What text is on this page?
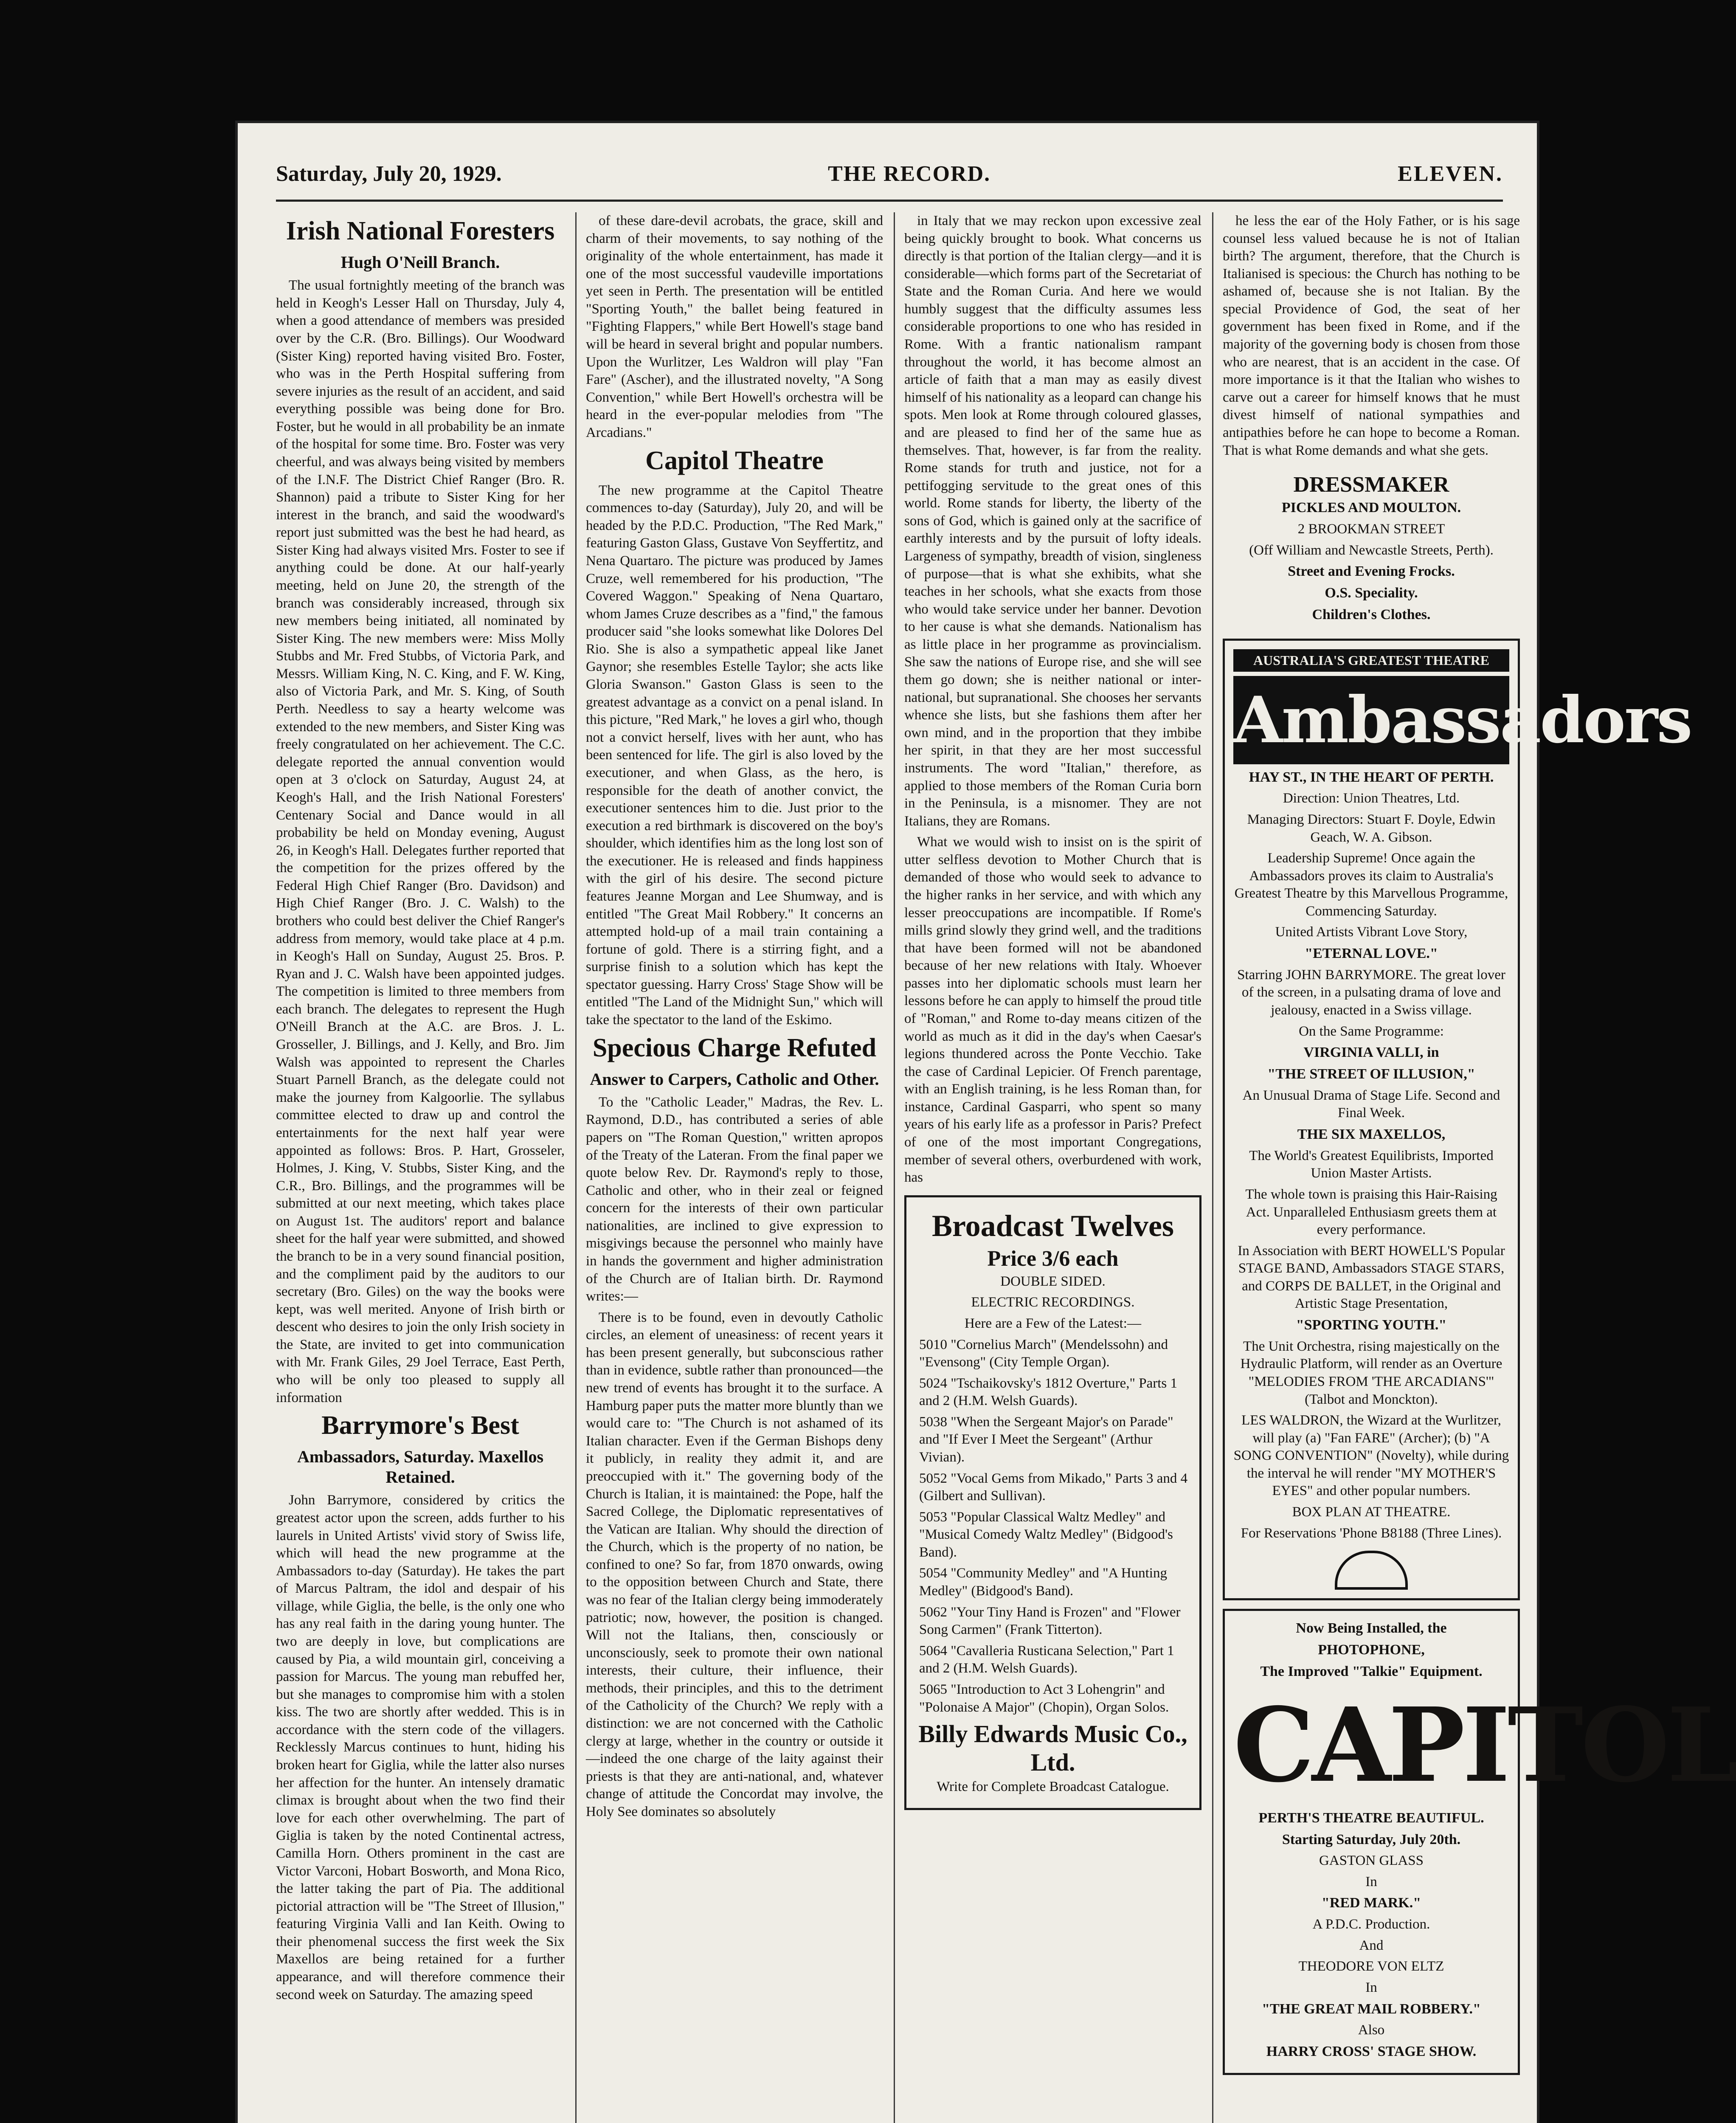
Saturday, July 20, 1929.	THE RECORD.	ELEVEN.
Irish National Foresters
Hugh O'Neill Branch.

The usual fortnightly meeting of the branch was held in Keogh's Lesser Hall on Thursday, July 4, when a good attendance of members was presided over by the C.R. (Bro. Billings). Our Woodward (Sister King) reported having visited Bro. Foster, who was in the Perth Hospital suffering from severe injuries as the result of an accident, and said everything possible was being done for Bro. Foster, but he would in all probability be an inmate of the hospital for some time. Bro. Foster was very cheerful, and was always being visited by members of the I.N.F. The District Chief Ranger (Bro. R. Shannon) paid a tribute to Sister King for her interest in the branch, and said the woodward's report just submitted was the best he had heard, as Sister King had always visited Mrs. Foster to see if anything could be done. At our half-yearly meeting, held on June 20, the strength of the branch was considerably increased, through six new members being initiated, all nominated by Sister King. The new members were: Miss Molly Stubbs and Mr. Fred Stubbs, of Victoria Park, and Messrs. William King, N. C. King, and F. W. King, also of Victoria Park, and Mr. S. King, of South Perth. Needless to say a hearty welcome was extended to the new members, and Sister King was freely congratulated on her achievement. The C.C. delegate reported the annual convention would open at 3 o'clock on Saturday, August 24, at Keogh's Hall, and the Irish National Foresters' Centenary Social and Dance would in all probability be held on Monday evening, August 26, in Keogh's Hall. Delegates further reported that the competition for the prizes offered by the Federal High Chief Ranger (Bro. Davidson) and High Chief Ranger (Bro. J. C. Walsh) to the brothers who could best deliver the Chief Ranger's address from memory, would take place at 4 p.m. in Keogh's Hall on Sunday, August 25. Bros. P. Ryan and J. C. Walsh have been appointed judges. The competition is limited to three members from each branch. The delegates to represent the Hugh O'Neill Branch at the A.C. are Bros. J. L. Grosseller, J. Billings, and J. Kelly, and Bro. Jim Walsh was appointed to represent the Charles Stuart Parnell Branch, as the delegate could not make the journey from Kalgoorlie. The syllabus committee elected to draw up and control the entertainments for the next half year were appointed as follows: Bros. P. Hart, Grosseler, Holmes, J. King, V. Stubbs, Sister King, and the C.R., Bro. Billings, and the programmes will be submitted at our next meeting, which takes place on August 1st. The auditors' report and balance sheet for the half year were submitted, and showed the branch to be in a very sound financial position, and the compliment paid by the auditors to our secretary (Bro. Giles) on the way the books were kept, was well merited. Anyone of Irish birth or descent who desires to join the only Irish society in the State, are invited to get into communication with Mr. Frank Giles, 29 Joel Terrace, East Perth, who will be only too pleased to supply all information

Barrymore's Best
Ambassadors, Saturday. Maxellos Retained.

John Barrymore, considered by critics the greatest actor upon the screen, adds further to his laurels in United Artists' vivid story of Swiss life, which will head the new programme at the Ambassadors to-day (Saturday). He takes the part of Marcus Paltram, the idol and despair of his village, while Giglia, the belle, is the only one who has any real faith in the daring young hunter. The two are deeply in love, but complications are caused by Pia, a wild mountain girl, conceiving a passion for Marcus. The young man rebuffed her, but she manages to compromise him with a stolen kiss. The two are shortly after wedded. This is in accordance with the stern code of the villagers. Recklessly Marcus continues to hunt, hiding his broken heart for Giglia, while the latter also nurses her affection for the hunter. An intensely dramatic climax is brought about when the two find their love for each other overwhelming. The part of Giglia is taken by the noted Continental actress, Camilla Horn. Others prominent in the cast are Victor Varconi, Hobart Bosworth, and Mona Rico, the latter taking the part of Pia. The additional pictorial attraction will be "The Street of Illusion," featuring Virginia Valli and Ian Keith. Owing to their phenomenal success the first week the Six Maxellos are being retained for a further appearance, and will therefore commence their second week on Saturday. The amazing speed

of these dare-devil acrobats, the grace, skill and charm of their movements, to say nothing of the originality of the whole entertainment, has made it one of the most successful vaudeville importations yet seen in Perth. The presentation will be entitled "Sporting Youth," the ballet being featured in "Fighting Flappers," while Bert Howell's stage band will be heard in several bright and popular numbers. Upon the Wurlitzer, Les Waldron will play "Fan Fare" (Ascher), and the illustrated novelty, "A Song Convention," while Bert Howell's orchestra will be heard in the ever-popular melodies from "The Arcadians."

Capitol Theatre

The new programme at the Capitol Theatre commences to-day (Saturday), July 20, and will be headed by the P.D.C. Production, "The Red Mark," featuring Gaston Glass, Gustave Von Seyffertitz, and Nena Quartaro. The picture was produced by James Cruze, well remembered for his production, "The Covered Waggon." Speaking of Nena Quartaro, whom James Cruze describes as a "find," the famous producer said "she looks somewhat like Dolores Del Rio. She is also a sympathetic appeal like Janet Gaynor; she resembles Estelle Taylor; she acts like Gloria Swanson." Gaston Glass is seen to the greatest advantage as a convict on a penal island. In this picture, "Red Mark," he loves a girl who, though not a convict herself, lives with her aunt, who has been sentenced for life. The girl is also loved by the executioner, and when Glass, as the hero, is responsible for the death of another convict, the executioner sentences him to die. Just prior to the execution a red birthmark is discovered on the boy's shoulder, which identifies him as the long lost son of the executioner. He is released and finds happiness with the girl of his desire. The second picture features Jeanne Morgan and Lee Shumway, and is entitled "The Great Mail Robbery." It concerns an attempted hold-up of a mail train containing a fortune of gold. There is a stirring fight, and a surprise finish to a solution which has kept the spectator guessing. Harry Cross' Stage Show will be entitled "The Land of the Midnight Sun," which will take the spectator to the land of the Eskimo.

Specious Charge Refuted
Answer to Carpers, Catholic and Other.

To the "Catholic Leader," Madras, the Rev. L. Raymond, D.D., has contributed a series of able papers on "The Roman Question," written apropos of the Treaty of the Lateran. From the final paper we quote below Rev. Dr. Raymond's reply to those, Catholic and other, who in their zeal or feigned concern for the interests of their own particular nationalities, are inclined to give expression to misgivings because the personnel who mainly have in hands the government and higher administration of the Church are of Italian birth. Dr. Raymond writes:—

There is to be found, even in devoutly Catholic circles, an element of uneasiness: of recent years it has been present generally, but subconscious rather than in evidence, subtle rather than pronounced—the new trend of events has brought it to the surface. A Hamburg paper puts the matter more bluntly than we would care to: "The Church is not ashamed of its Italian character. Even if the German Bishops deny it publicly, in reality they admit it, and are preoccupied with it." The governing body of the Church is Italian, it is maintained: the Pope, half the Sacred College, the Diplomatic representatives of the Vatican are Italian. Why should the direction of the Church, which is the property of no nation, be confined to one? So far, from 1870 onwards, owing to the opposition between Church and State, there was no fear of the Italian clergy being immoderately patriotic; now, however, the position is changed. Will not the Italians, then, consciously or unconsciously, seek to promote their own national interests, their culture, their influence, their methods, their principles, and this to the detriment of the Catholicity of the Church? We reply with a distinction: we are not concerned with the Catholic clergy at large, whether in the country or outside it—indeed the one charge of the laity against their priests is that they are anti-national, and, whatever change of attitude the Concordat may involve, the Holy See dominates so absolutely

in Italy that we may reckon upon excessive zeal being quickly brought to book. What concerns us directly is that portion of the Italian clergy—and it is considerable—which forms part of the Secretariat of State and the Roman Curia. And here we would humbly suggest that the difficulty assumes less considerable proportions to one who has resided in Rome. With a frantic nationalism rampant throughout the world, it has become almost an article of faith that a man may as easily divest himself of his nationality as a leopard can change his spots. Men look at Rome through coloured glasses, and are pleased to find her of the same hue as themselves. That, however, is far from the reality. Rome stands for truth and justice, not for a pettifogging servitude to the great ones of this world. Rome stands for liberty, the liberty of the sons of God, which is gained only at the sacrifice of earthly interests and by the pursuit of lofty ideals. Largeness of sympathy, breadth of vision, singleness of purpose—that is what she exhibits, what she teaches in her schools, what she exacts from those who would take service under her banner. Devotion to her cause is what she demands. Nationalism has as little place in her programme as provincialism. She saw the nations of Europe rise, and she will see them go down; she is neither national or inter-national, but supranational. She chooses her servants whence she lists, but she fashions them after her own mind, and in the proportion that they imbibe her spirit, in that they are her most successful instruments. The word "Italian," therefore, as applied to those members of the Roman Curia born in the Peninsula, is a misnomer. They are not Italians, they are Romans.

What we would wish to insist on is the spirit of utter selfless devotion to Mother Church that is demanded of those who would seek to advance to the higher ranks in her service, and with which any lesser preoccupations are incompatible. If Rome's mills grind slowly they grind well, and the traditions that have been formed will not be abandoned because of her new relations with Italy. Whoever passes into her diplomatic schools must learn her lessons before he can apply to himself the proud title of "Roman," and Rome to-day means citizen of the world as much as it did in the day's when Caesar's legions thundered across the Ponte Vecchio. Take the case of Cardinal Lepicier. Of French parentage, with an English training, is he less Roman than, for instance, Cardinal Gasparri, who spent so many years of his early life as a professor in Paris? Prefect of one of the most important Congregations, member of several others, overburdened with work, has

Broadcast Twelves
Price 3/6 each

DOUBLE SIDED.

ELECTRIC RECORDINGS.

Here are a Few of the Latest:—

5010 "Cornelius March" (Mendelssohn) and "Evensong" (City Temple Organ).

5024 "Tschaikovsky's 1812 Overture," Parts 1 and 2 (H.M. Welsh Guards).

5038 "When the Sergeant Major's on Parade" and "If Ever I Meet the Sergeant" (Arthur Vivian).

5052 "Vocal Gems from Mikado," Parts 3 and 4 (Gilbert and Sullivan).

5053 "Popular Classical Waltz Medley" and "Musical Comedy Waltz Medley" (Bidgood's Band).

5054 "Community Medley" and "A Hunting Medley" (Bidgood's Band).

5062 "Your Tiny Hand is Frozen" and "Flower Song Carmen" (Frank Titterton).

5064 "Cavalleria Rusticana Selection," Part 1 and 2 (H.M. Welsh Guards).

5065 "Introduction to Act 3 Lohengrin" and "Polonaise A Major" (Chopin), Organ Solos.

Billy Edwards Music Co., Ltd.

Write for Complete Broadcast Catalogue.

he less the ear of the Holy Father, or is his sage counsel less valued because he is not of Italian birth? The argument, therefore, that the Church is Italianised is specious: the Church has nothing to be ashamed of, because she is not Italian. By the special Providence of God, the seat of her government has been fixed in Rome, and if the majority of the governing body is chosen from those who are nearest, that is an accident in the case. Of more importance is it that the Italian who wishes to carve out a career for himself knows that he must divest himself of national sympathies and antipathies before he can hope to become a Roman. That is what Rome demands and what she gets.

DRESSMAKER

PICKLES AND MOULTON.

2 BROOKMAN STREET

(Off William and Newcastle Streets, Perth).

Street and Evening Frocks.

O.S. Speciality.

Children's Clothes.

AUSTRALIA'S GREATEST THEATRE
Ambassadors

HAY ST., IN THE HEART OF PERTH.

Direction: Union Theatres, Ltd.

Managing Directors: Stuart F. Doyle, Edwin Geach, W. A. Gibson.

Leadership Supreme! Once again the Ambassadors proves its claim to Australia's Greatest Theatre by this Marvellous Programme, Commencing Saturday.

United Artists Vibrant Love Story,

"ETERNAL LOVE."

Starring JOHN BARRYMORE. The great lover of the screen, in a pulsating drama of love and jealousy, enacted in a Swiss village.

On the Same Programme:

VIRGINIA VALLI, in

"THE STREET OF ILLUSION,"

An Unusual Drama of Stage Life. Second and Final Week.

THE SIX MAXELLOS,

The World's Greatest Equilibrists, Imported Union Master Artists.

The whole town is praising this Hair-Raising Act. Unparalleled Enthusiasm greets them at every performance.

In Association with BERT HOWELL'S Popular STAGE BAND, Ambassadors STAGE STARS, and CORPS DE BALLET, in the Original and Artistic Stage Presentation,

"SPORTING YOUTH."

The Unit Orchestra, rising majestically on the Hydraulic Platform, will render as an Overture "MELODIES FROM 'THE ARCADIANS'" (Talbot and Monckton).

LES WALDRON, the Wizard at the Wurlitzer, will play (a) "Fan FARE" (Archer); (b) "A SONG CONVENTION" (Novelty), while during the interval he will render "MY MOTHER'S EYES" and other popular numbers.

BOX PLAN AT THEATRE.

For Reservations 'Phone B8188 (Three Lines).

Now Being Installed, the

PHOTOPHONE,

The Improved "Talkie" Equipment.

CAPITOL

PERTH'S THEATRE BEAUTIFUL.

Starting Saturday, July 20th.

GASTON GLASS

In

"RED MARK."

A P.D.C. Production.

And

THEODORE VON ELTZ

In

"THE GREAT MAIL ROBBERY."

Also

HARRY CROSS' STAGE SHOW.
